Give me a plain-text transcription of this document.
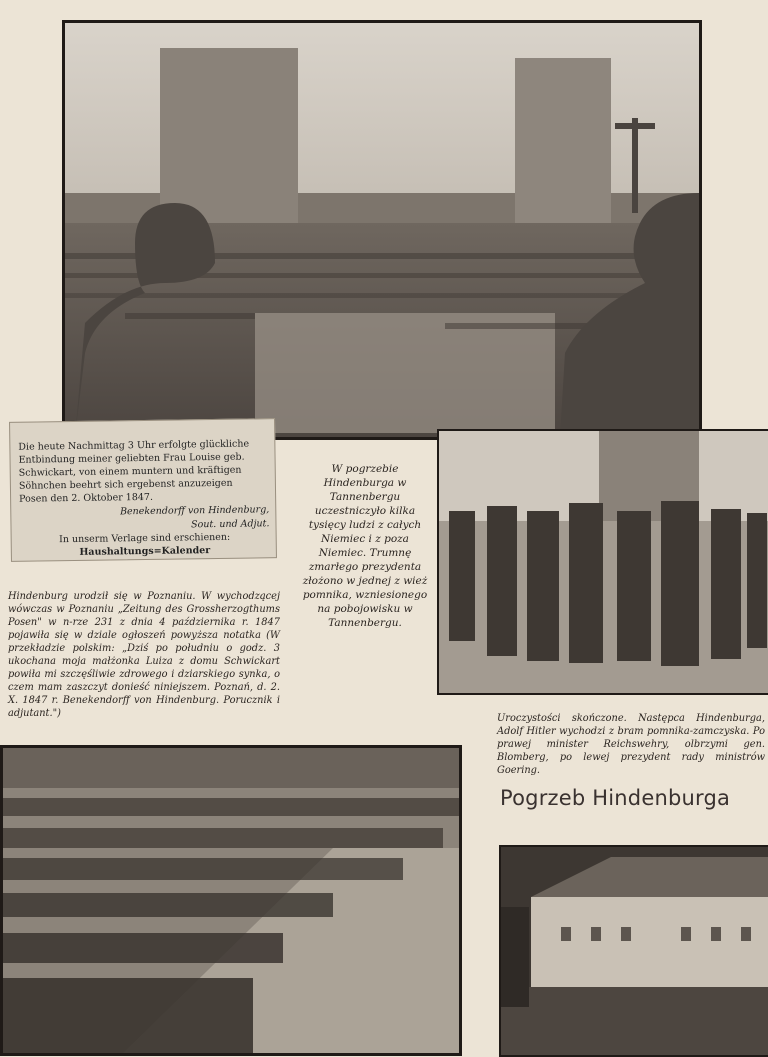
Die heute Nachmittag 3 Uhr erfolgte glückliche

Entbindung meiner geliebten Frau Louise geb.

Schwickart, von einem muntern und kräftigen

Söhnchen beehrt sich ergebenst anzuzeigen

Posen den 2. Oktober 1847.

Benekendorff von Hindenburg,

Sout. und Adjut.

In unserm Verlage sind erschienen:

Haushaltungs=Kalender

W pogrzebie Hindenburga w Tannenbergu uczestniczyło kilka tysięcy ludzi z całych Niemiec i z poza Niemiec. Trumnę zmarłego prezydenta złożono w jednej z wież pomnika, wzniesionego na pobojowisku w Tannenbergu.
Hindenburg urodził się w Poznaniu. W wychodzącej wówczas w Poznaniu „Zeitung des Grossherzogthums Posen" w n-rze 231 z dnia 4 października r. 1847 pojawiła się w dziale ogłoszeń powyższa notatka (W przekładzie polskim: „Dziś po południu o godz. 3 ukochana moja małżonka Luiza z domu Schwickart powiła mi szczęśliwie zdrowego i dziarskiego synka, o czem mam zaszczyt donieść niniejszem. Poznań, d. 2. X. 1847 r. Benekendorff von Hindenburg. Porucznik i adjutant.")	Uroczystości skończone. Następca Hindenburga, Adolf Hitler wychodzi z bram pomnika-zamczyska. Po prawej minister Reichswehry, olbrzymi gen. Blomberg, po lewej prezydent rady ministrów Goering.
Pogrzeb Hindenburga
